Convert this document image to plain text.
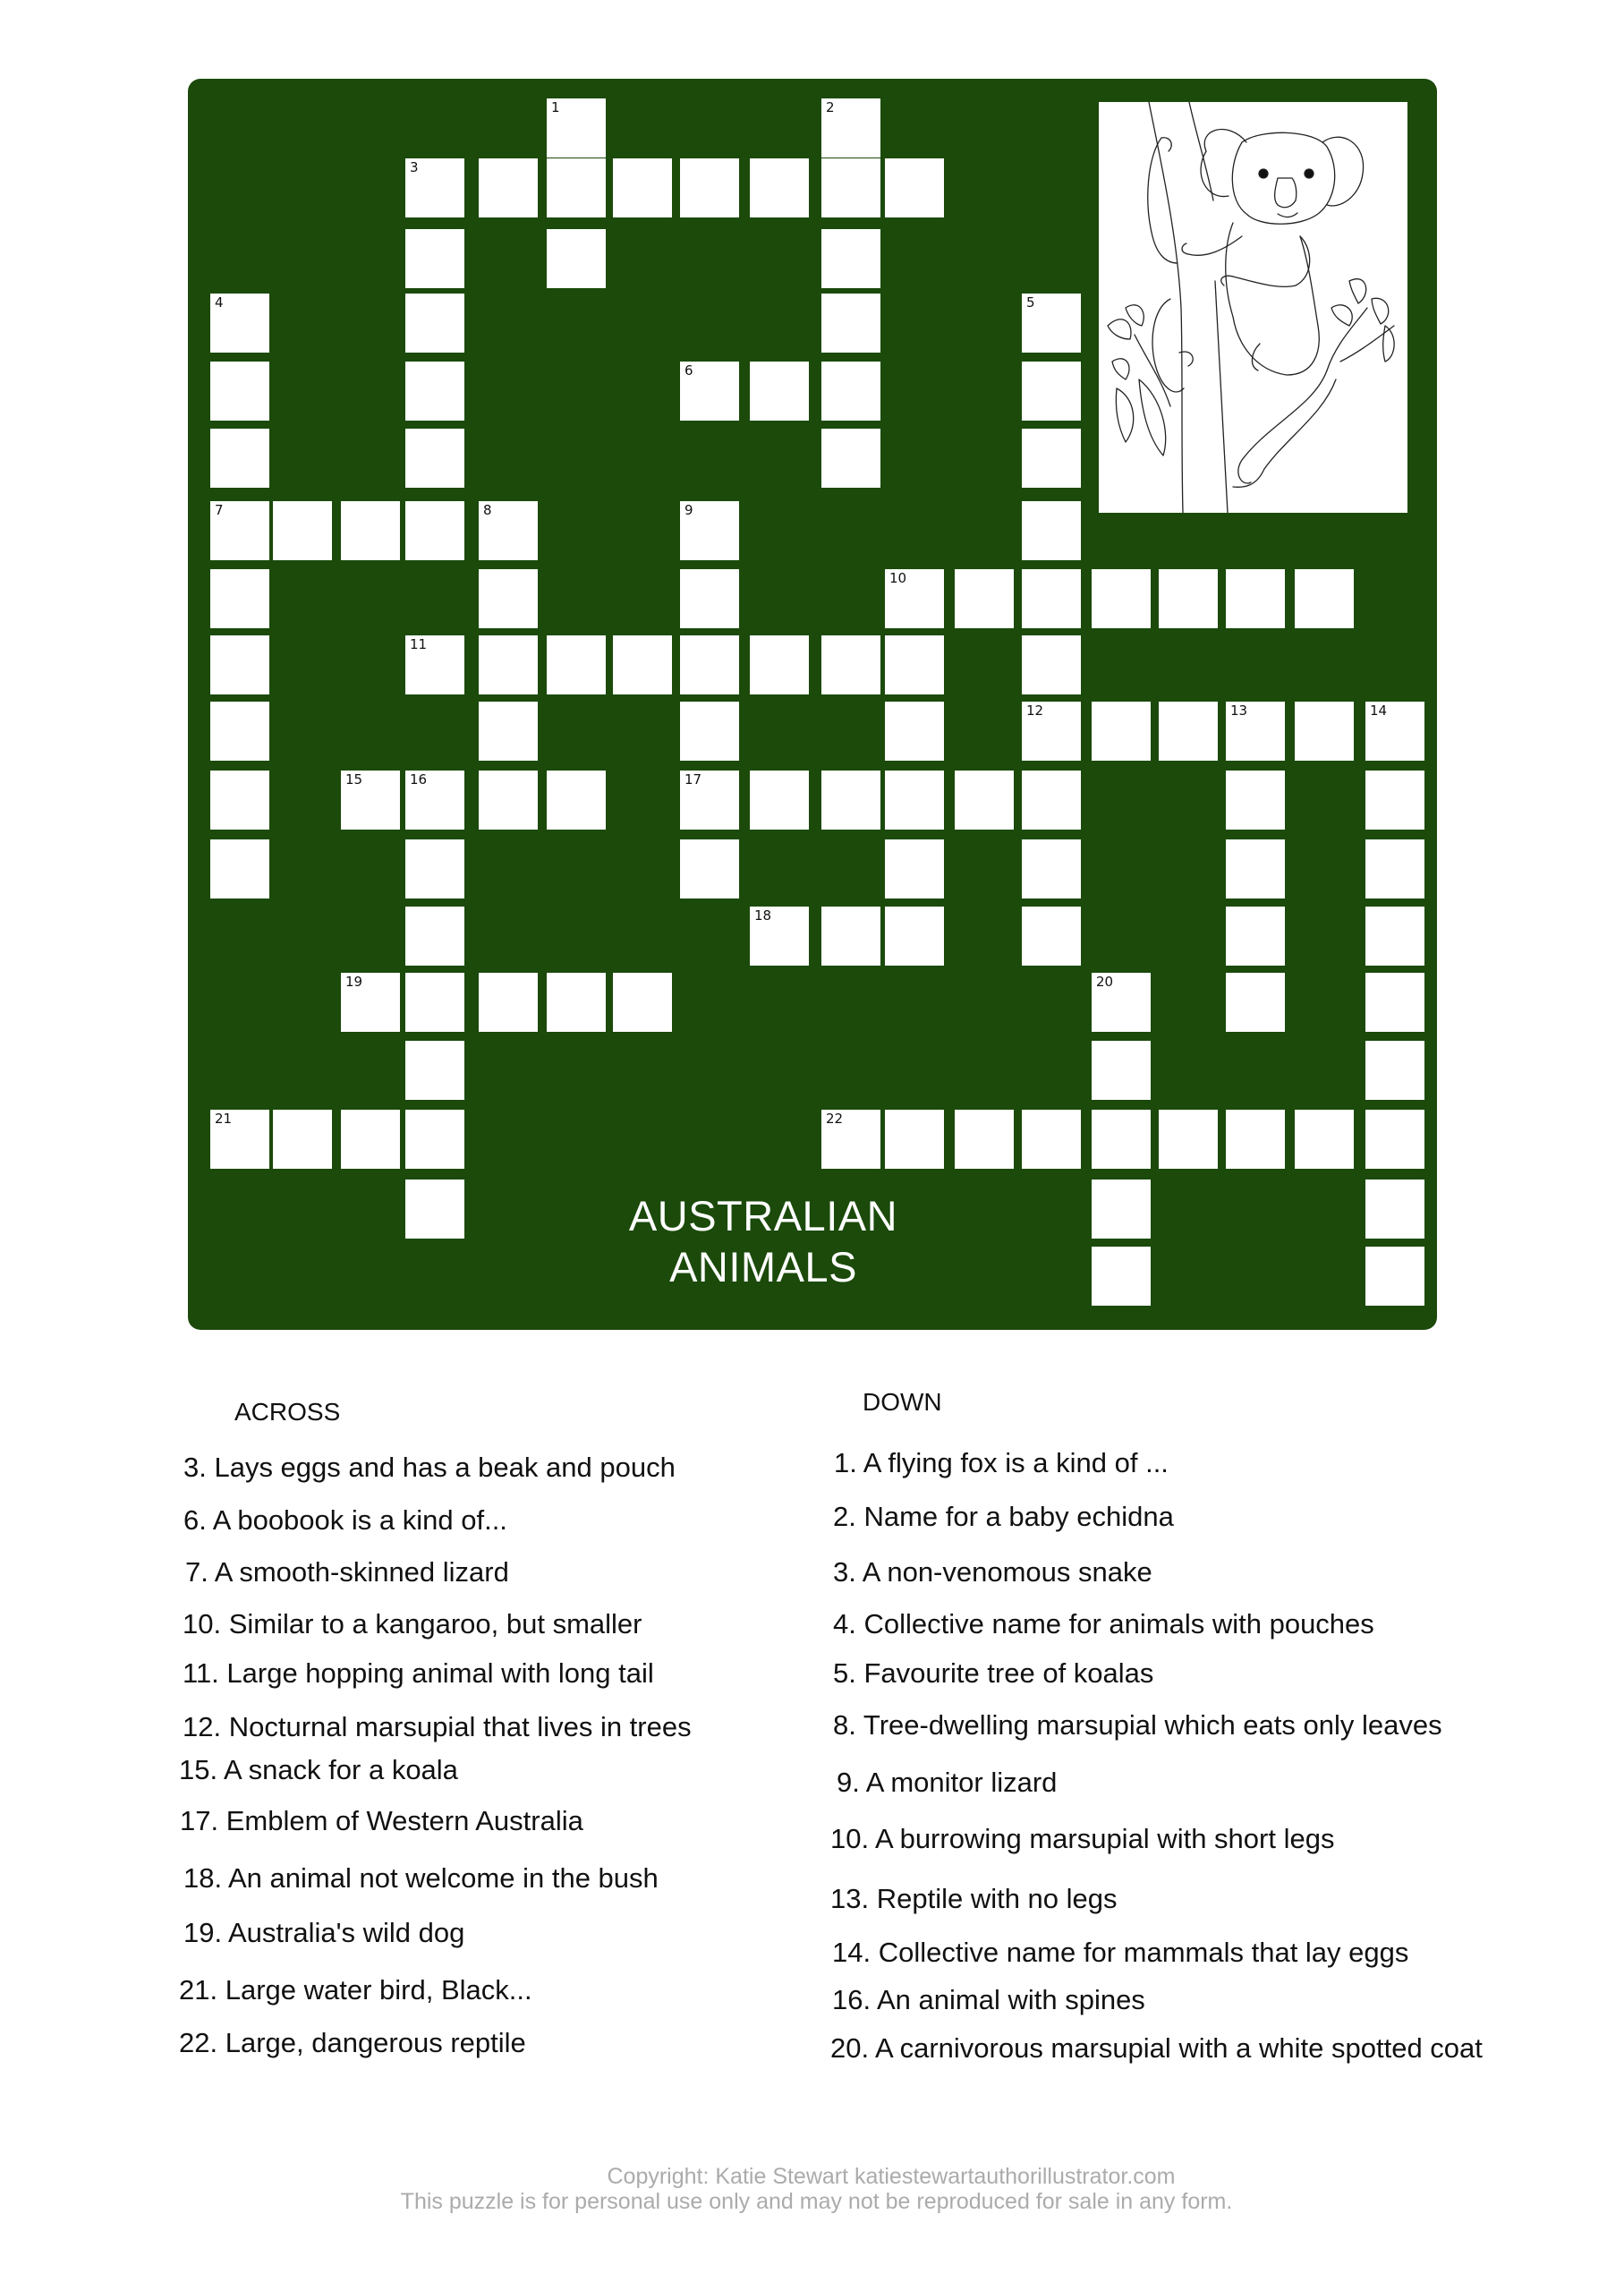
1	2
3
4
7
5
12
6
8	9
17
10
11
13	14
15	16
18
19	20
21	22
AUSTRALIAN
ANIMALS
ACROSS	DOWN
3. Lays eggs and has a beak and pouch
6. A boobook is a kind of...
7. A smooth-skinned lizard
10. Similar to a kangaroo, but smaller
11. Large hopping animal with long tail
12. Nocturnal marsupial that lives in trees
15. A snack for a koala
17. Emblem of Western Australia
18. An animal not welcome in the bush
19. Australia's wild dog
21. Large water bird, Black...
22. Large, dangerous reptile
1. A flying fox is a kind of ...
2. Name for a baby echidna
3. A non-venomous snake
4. Collective name for animals with pouches
5. Favourite tree of koalas
8. Tree-dwelling marsupial which eats only leaves
9. A monitor lizard
10. A burrowing marsupial with short legs
13. Reptile with no legs
14. Collective name for mammals that lay eggs
16. An animal with spines
20. A carnivorous marsupial with a white spotted coat
Copyright: Katie Stewart katiestewartauthorillustrator.com
This puzzle is for personal use only and may not be reproduced for sale in any form.
